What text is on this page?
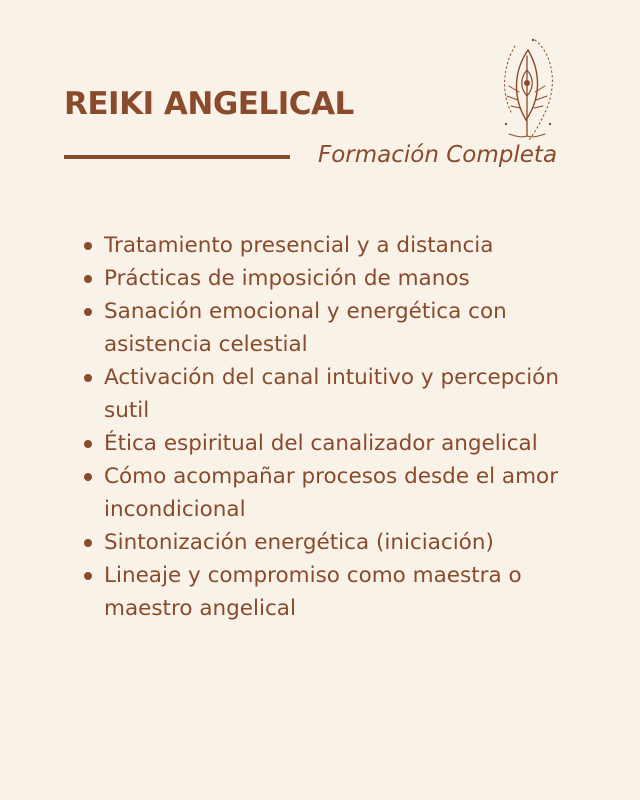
REIKI ANGELICAL

Formación Completa

Tratamiento presencial y a distancia
Prácticas de imposición de manos
Sanación emocional y energética con asistencia celestial
Activación del canal intuitivo y percepción sutil
Ética espiritual del canalizador angelical
Cómo acompañar procesos desde el amor incondicional
Sintonización energética (iniciación)
Lineaje y compromiso como maestra o maestro angelical
